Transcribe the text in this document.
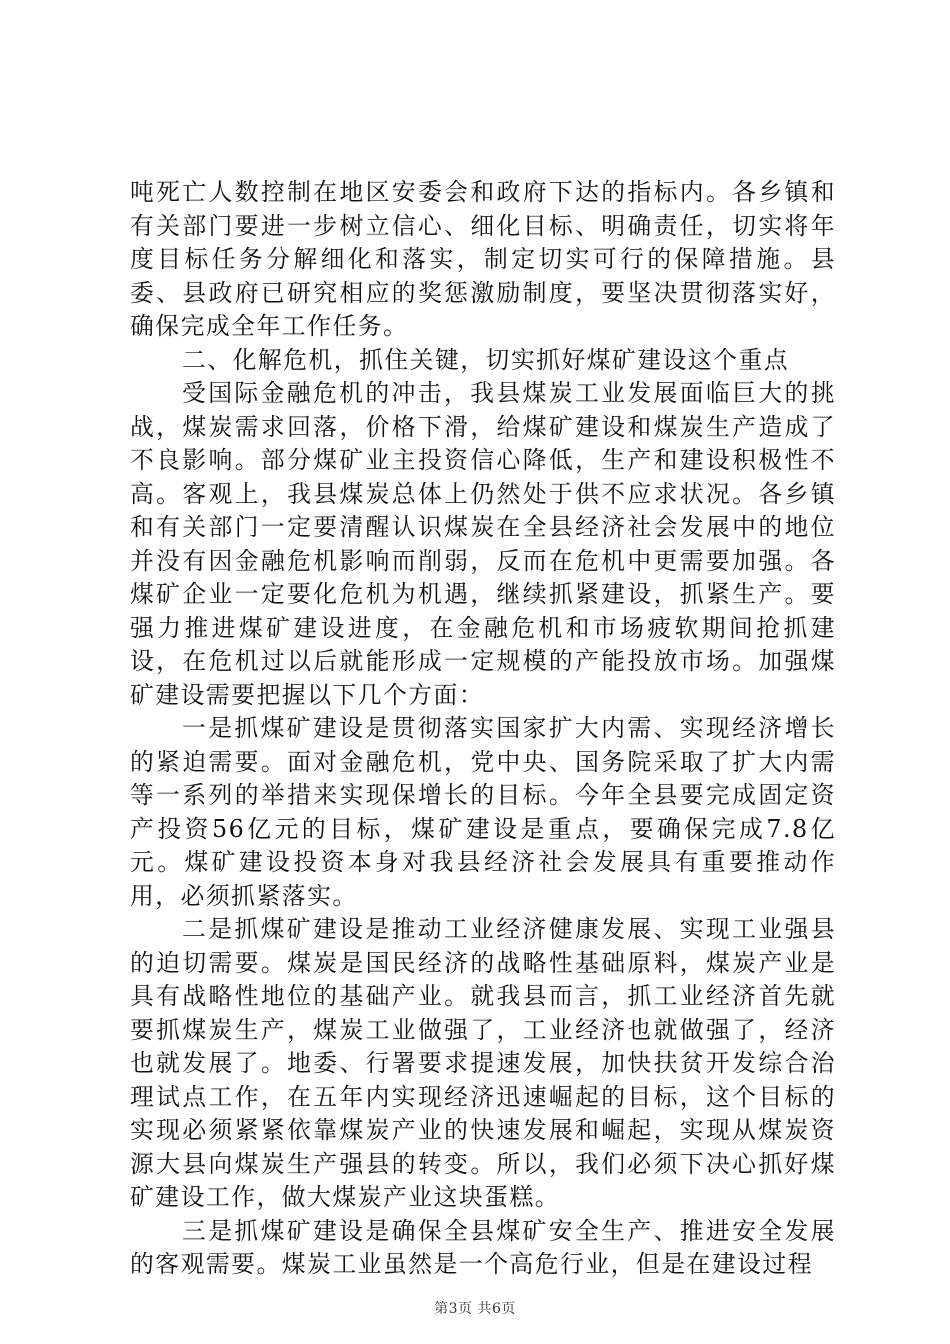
吨死亡人数控制在地区安委会和政府下达的指标内。各乡镇和有关部门要进一步树立信心、细化目标、明确责任，切实将年度目标任务分解细化和落实，制定切实可行的保障措施。县委、县政府已研究相应的奖惩激励制度，要坚决贯彻落实好，确保完成全年工作任务。

二、化解危机，抓住关键，切实抓好煤矿建设这个重点

受国际金融危机的冲击，我县煤炭工业发展面临巨大的挑战，煤炭需求回落，价格下滑，给煤矿建设和煤炭生产造成了不良影响。部分煤矿业主投资信心降低，生产和建设积极性不高。客观上，我县煤炭总体上仍然处于供不应求状况。各乡镇和有关部门一定要清醒认识煤炭在全县经济社会发展中的地位并没有因金融危机影响而削弱，反而在危机中更需要加强。各煤矿企业一定要化危机为机遇，继续抓紧建设，抓紧生产。要强力推进煤矿建设进度，在金融危机和市场疲软期间抢抓建设，在危机过以后就能形成一定规模的产能投放市场。加强煤矿建设需要把握以下几个方面：

一是抓煤矿建设是贯彻落实国家扩大内需、实现经济增长的紧迫需要。面对金融危机，党中央、国务院采取了扩大内需等一系列的举措来实现保增长的目标。今年全县要完成固定资产投资56亿元的目标，煤矿建设是重点，要确保完成7.8亿元。煤矿建设投资本身对我县经济社会发展具有重要推动作用，必须抓紧落实。

二是抓煤矿建设是推动工业经济健康发展、实现工业强县的迫切需要。煤炭是国民经济的战略性基础原料，煤炭产业是具有战略性地位的基础产业。就我县而言，抓工业经济首先就要抓煤炭生产，煤炭工业做强了，工业经济也就做强了，经济也就发展了。地委、行署要求提速发展，加快扶贫开发综合治理试点工作，在五年内实现经济迅速崛起的目标，这个目标的实现必须紧紧依靠煤炭产业的快速发展和崛起，实现从煤炭资源大县向煤炭生产强县的转变。所以，我们必须下决心抓好煤矿建设工作，做大煤炭产业这块蛋糕。

三是抓煤矿建设是确保全县煤矿安全生产、推进安全发展的客观需要。煤炭工业虽然是一个高危行业，但是在建设过程

第3页 共6页
